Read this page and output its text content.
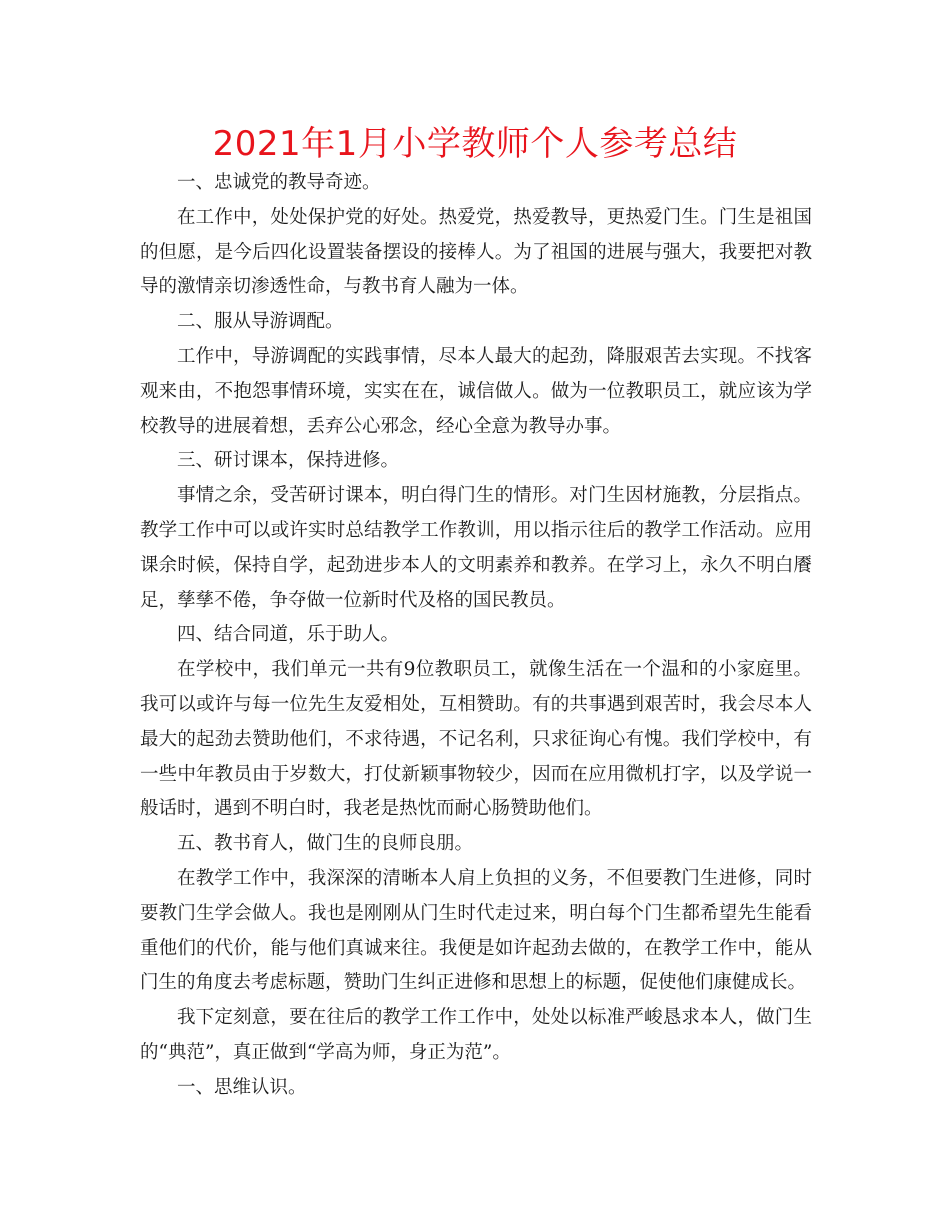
2021年1月小学教师个人参考总结

一、忠诚党的教导奇迹。

在工作中，处处保护党的好处。热爱党，热爱教导，更热爱门生。门生是祖国的但愿，是今后四化设置装备摆设的接棒人。为了祖国的进展与强大，我要把对教导的激情亲切渗透性命，与教书育人融为一体。

二、服从导游调配。

工作中，导游调配的实践事情，尽本人最大的起劲，降服艰苦去实现。不找客观来由，不抱怨事情环境，实实在在，诚信做人。做为一位教职员工，就应该为学校教导的进展着想，丢弃公心邪念，经心全意为教导办事。

三、研讨课本，保持进修。

事情之余，受苦研讨课本，明白得门生的情形。对门生因材施教，分层指点。教学工作中可以或许实时总结教学工作教训，用以指示往后的教学工作活动。应用课余时候，保持自学，起劲进步本人的文明素养和教养。在学习上，永久不明白餍足，孳孳不倦，争夺做一位新时代及格的国民教员。

四、结合同道，乐于助人。

在学校中，我们单元一共有9位教职员工，就像生活在一个温和的小家庭里。我可以或许与每一位先生友爱相处，互相赞助。有的共事遇到艰苦时，我会尽本人最大的起劲去赞助他们，不求待遇，不记名利，只求征询心有愧。我们学校中，有一些中年教员由于岁数大，打仗新颖事物较少，因而在应用微机打字，以及学说一般话时，遇到不明白时，我老是热忱而耐心肠赞助他们。

五、教书育人，做门生的良师良朋。

在教学工作中，我深深的清晰本人肩上负担的义务，不但要教门生进修，同时要教门生学会做人。我也是刚刚从门生时代走过来，明白每个门生都希望先生能看重他们的代价，能与他们真诚来往。我便是如许起劲去做的，在教学工作中，能从门生的角度去考虑标题，赞助门生纠正进修和思想上的标题，促使他们康健成长。

我下定刻意，要在往后的教学工作工作中，处处以标准严峻恳求本人，做门生的“典范”，真正做到“学高为师，身正为范”。

一、思维认识。
